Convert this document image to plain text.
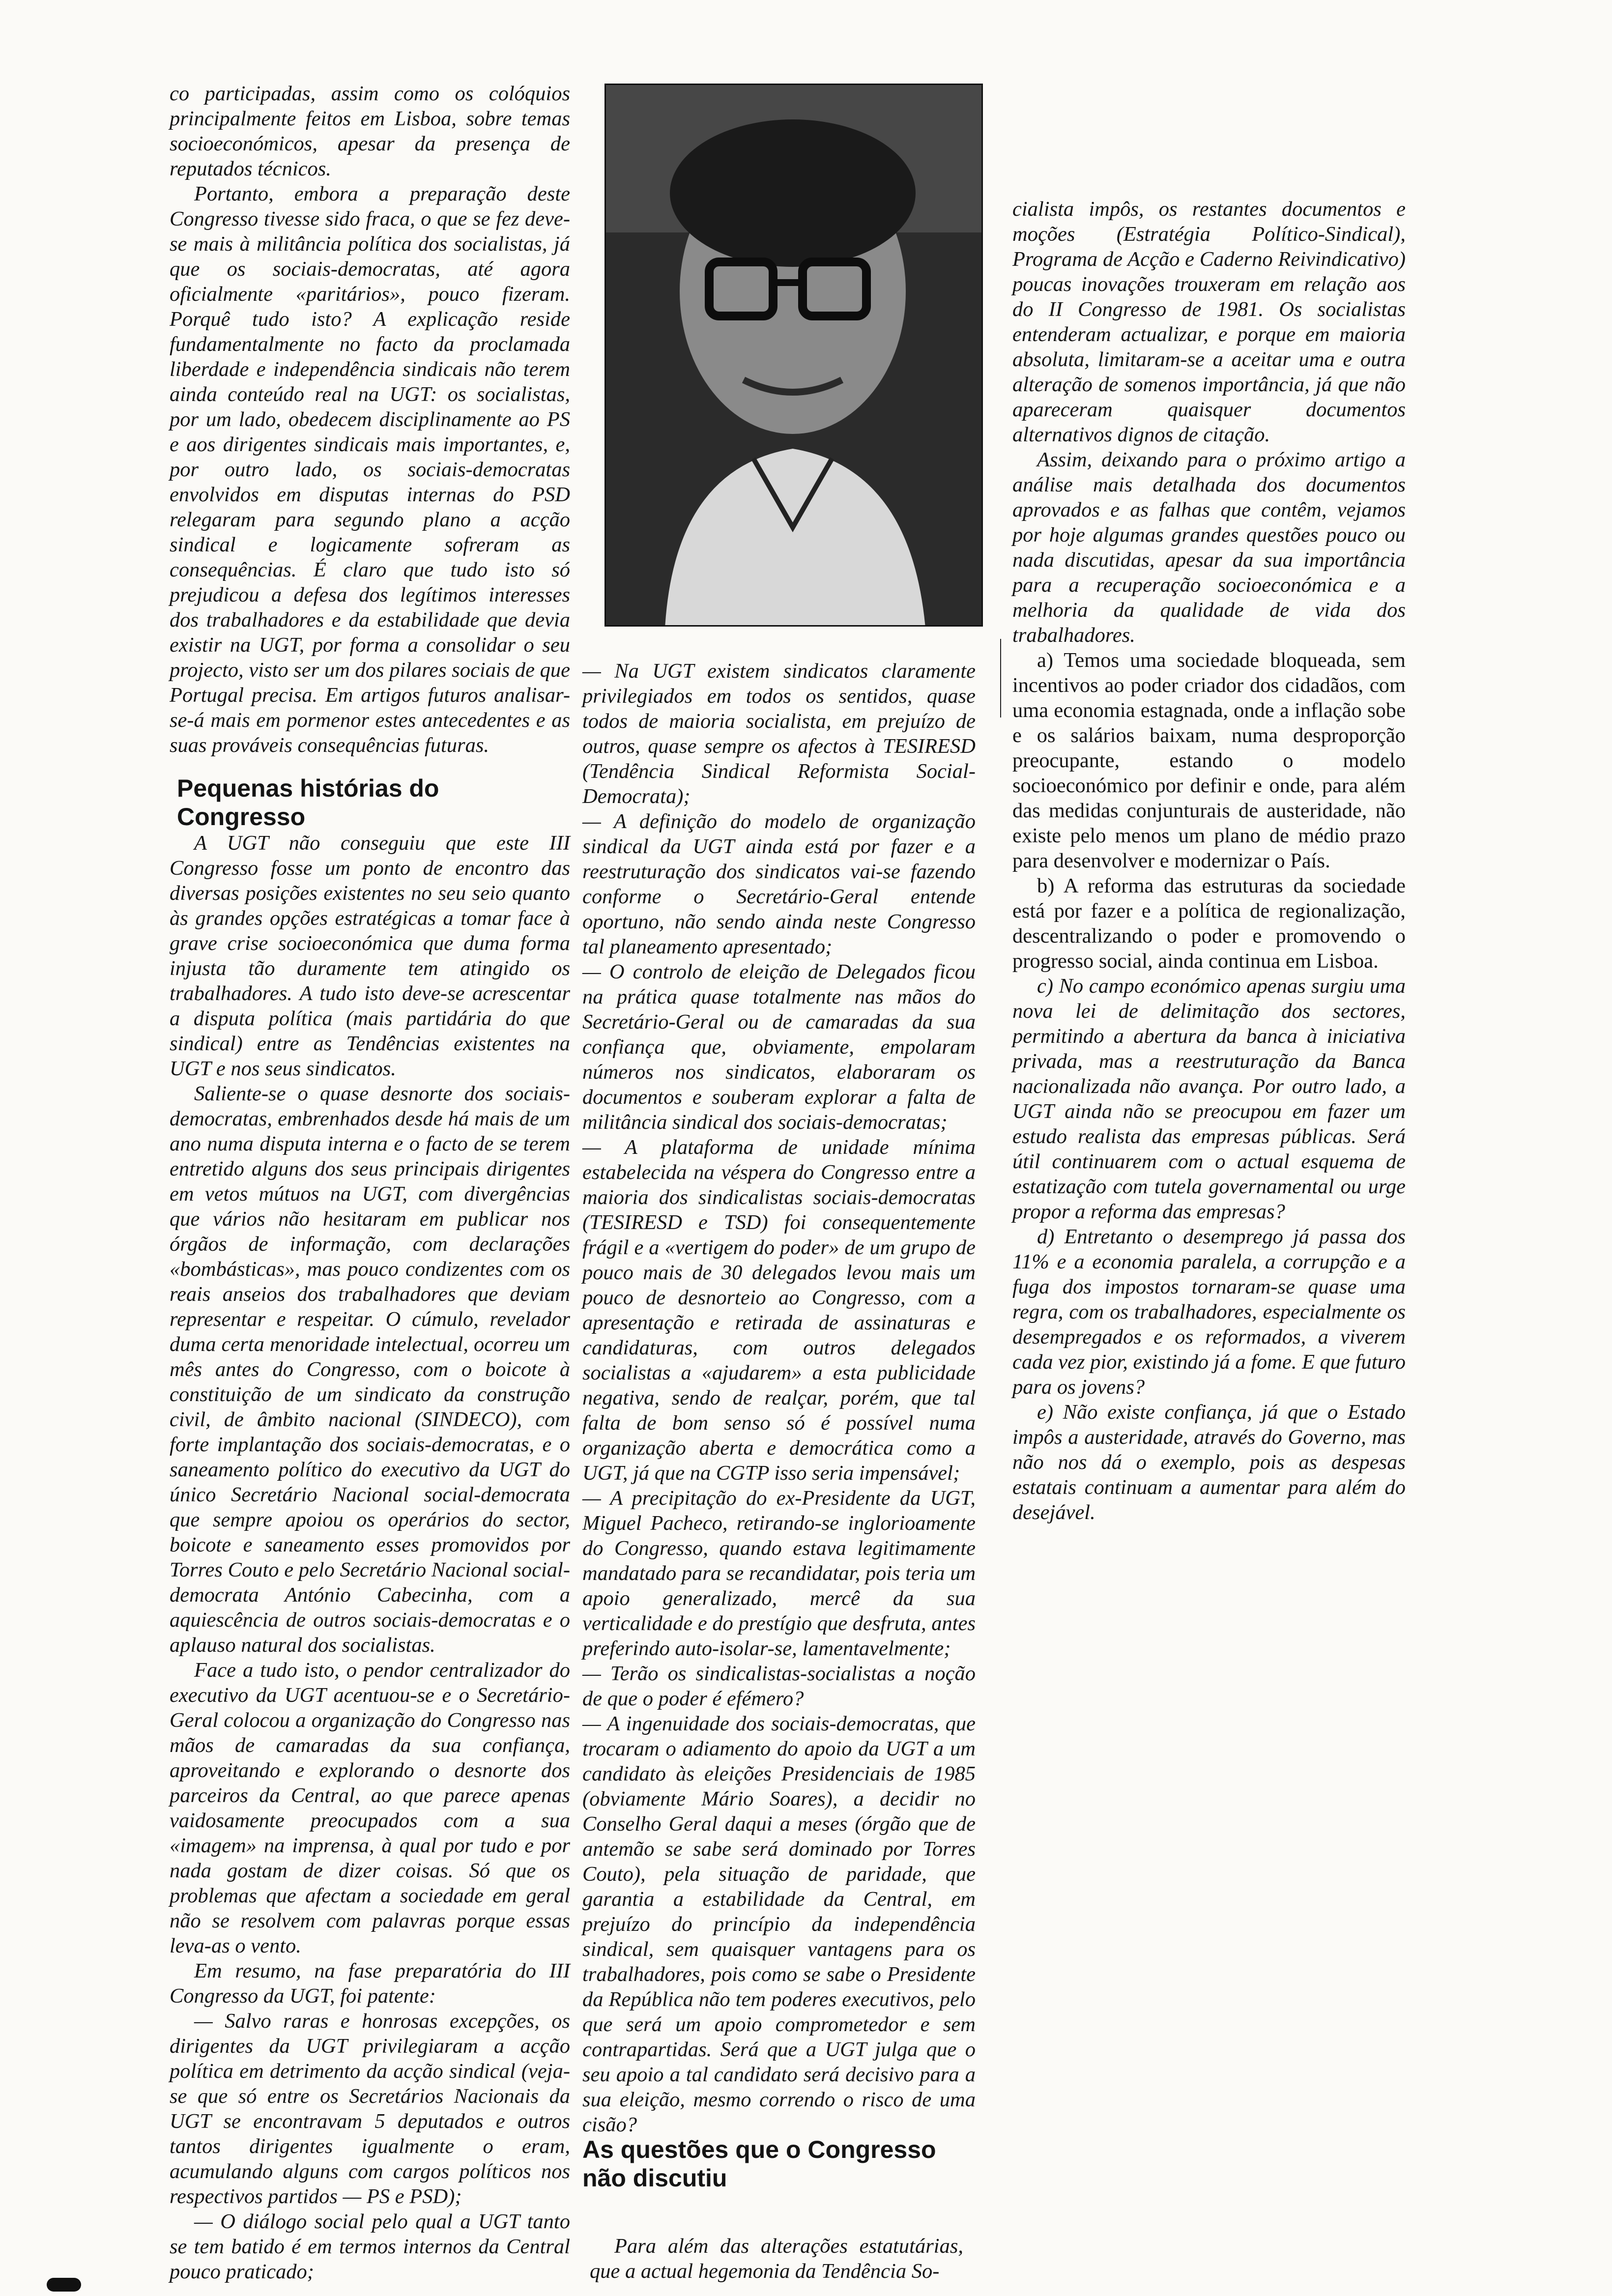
co participadas, assim como os colóquios principalmente feitos em Lisboa, sobre temas socioeconómicos, apesar da presença de reputados técnicos.

Portanto, embora a preparação deste Congresso tivesse sido fraca, o que se fez deve-se mais à militância política dos socialistas, já que os sociais-democratas, até agora oficialmente «paritários», pouco fizeram. Porquê tudo isto? A explicação reside fundamentalmente no facto da proclamada liberdade e independência sindicais não terem ainda conteúdo real na UGT: os socialistas, por um lado, obedecem disciplinamente ao PS e aos dirigentes sindicais mais importantes, e, por outro lado, os sociais-democratas envolvidos em disputas internas do PSD relegaram para segundo plano a acção sindical e logicamente sofreram as consequências. É claro que tudo isto só prejudicou a defesa dos legítimos interesses dos trabalhadores e da estabilidade que devia existir na UGT, por forma a consolidar o seu projecto, visto ser um dos pilares sociais de que Portugal precisa. Em artigos futuros analisar-se-á mais em pormenor estes antecedentes e as suas prováveis consequências futuras.

Pequenas histórias do Congresso

A UGT não conseguiu que este III Congresso fosse um ponto de encontro das diversas posições existentes no seu seio quanto às grandes opções estratégicas a tomar face à grave crise socioeconómica que duma forma injusta tão duramente tem atingido os trabalhadores. A tudo isto deve-se acrescentar a disputa política (mais partidária do que sindical) entre as Tendências existentes na UGT e nos seus sindicatos.

Saliente-se o quase desnorte dos sociais-democratas, embrenhados desde há mais de um ano numa disputa interna e o facto de se terem entretido alguns dos seus principais dirigentes em vetos mútuos na UGT, com divergências que vários não hesitaram em publicar nos órgãos de informação, com declarações «bombásticas», mas pouco condizentes com os reais anseios dos trabalhadores que deviam representar e respeitar. O cúmulo, revelador duma certa menoridade intelectual, ocorreu um mês antes do Congresso, com o boicote à constituição de um sindicato da construção civil, de âmbito nacional (SINDECO), com forte implantação dos sociais-democratas, e o saneamento político do executivo da UGT do único Secretário Nacional social-democrata que sempre apoiou os operários do sector, boicote e saneamento esses promovidos por Torres Couto e pelo Secretário Nacional social-democrata António Cabecinha, com a aquiescência de outros sociais-democratas e o aplauso natural dos socialistas.

Face a tudo isto, o pendor centralizador do executivo da UGT acentuou-se e o Secretário-Geral colocou a organização do Congresso nas mãos de camaradas da sua confiança, aproveitando e explorando o desnorte dos parceiros da Central, ao que parece apenas vaidosamente preocupados com a sua «imagem» na imprensa, à qual por tudo e por nada gostam de dizer coisas. Só que os problemas que afectam a sociedade em geral não se resolvem com palavras porque essas leva-as o vento.

Em resumo, na fase preparatória do III Congresso da UGT, foi patente:

— Salvo raras e honrosas excepções, os dirigentes da UGT privilegiaram a acção política em detrimento da acção sindical (veja-se que só entre os Secretários Nacionais da UGT se encontravam 5 deputados e outros tantos dirigentes igualmente o eram, acumulando alguns com cargos políticos nos respectivos partidos — PS e PSD);

— O diálogo social pelo qual a UGT tanto se tem batido é em termos internos da Central pouco praticado;

— Na UGT existem sindicatos claramente privilegiados em todos os sentidos, quase todos de maioria socialista, em prejuízo de outros, quase sempre os afectos à TESIRESD (Tendência Sindical Reformista Social-Democrata);

— A definição do modelo de organização sindical da UGT ainda está por fazer e a reestruturação dos sindicatos vai-se fazendo conforme o Secretário-Geral entende oportuno, não sendo ainda neste Congresso tal planeamento apresentado;

— O controlo de eleição de Delegados ficou na prática quase totalmente nas mãos do Secretário-Geral ou de camaradas da sua confiança que, obviamente, empolaram números nos sindicatos, elaboraram os documentos e souberam explorar a falta de militância sindical dos sociais-democratas;

— A plataforma de unidade mínima estabelecida na véspera do Congresso entre a maioria dos sindicalistas sociais-democratas (TESIRESD e TSD) foi consequentemente frágil e a «vertigem do poder» de um grupo de pouco mais de 30 delegados levou mais um pouco de desnorteio ao Congresso, com a apresentação e retirada de assinaturas e candidaturas, com outros delegados socialistas a «ajudarem» a esta publicidade negativa, sendo de realçar, porém, que tal falta de bom senso só é possível numa organização aberta e democrática como a UGT, já que na CGTP isso seria impensável;

— A precipitação do ex-Presidente da UGT, Miguel Pacheco, retirando-se inglorioamente do Congresso, quando estava legitimamente mandatado para se recandidatar, pois teria um apoio generalizado, mercê da sua verticalidade e do prestígio que desfruta, antes preferindo auto-isolar-se, lamentavelmente;

— Terão os sindicalistas-socialistas a noção de que o poder é efémero?

— A ingenuidade dos sociais-democratas, que trocaram o adiamento do apoio da UGT a um candidato às eleições Presidenciais de 1985 (obviamente Mário Soares), a decidir no Conselho Geral daqui a meses (órgão que de antemão se sabe será dominado por Torres Couto), pela situação de paridade, que garantia a estabilidade da Central, em prejuízo do princípio da independência sindical, sem quaisquer vantagens para os trabalhadores, pois como se sabe o Presidente da República não tem poderes executivos, pelo que será um apoio comprometedor e sem contrapartidas. Será que a UGT julga que o seu apoio a tal candidato será decisivo para a sua eleição, mesmo correndo o risco de uma cisão?

As questões que o Congresso não discutiu

Para além das alterações estatutárias, que a actual hegemonia da Tendência So-

cialista impôs, os restantes documentos e moções (Estratégia Político-Sindical), Programa de Acção e Caderno Reivindicativo) poucas inovações trouxeram em relação aos do II Congresso de 1981. Os socialistas entenderam actualizar, e porque em maioria absoluta, limitaram-se a aceitar uma e outra alteração de somenos importância, já que não apareceram quaisquer documentos alternativos dignos de citação.

Assim, deixando para o próximo artigo a análise mais detalhada dos documentos aprovados e as falhas que contêm, vejamos por hoje algumas grandes questões pouco ou nada discutidas, apesar da sua importância para a recuperação socioeconómica e a melhoria da qualidade de vida dos trabalhadores.

a) Temos uma sociedade bloqueada, sem incentivos ao poder criador dos cidadãos, com uma economia estagnada, onde a inflação sobe e os salários baixam, numa desproporção preocupante, estando o modelo socioeconómico por definir e onde, para além das medidas conjunturais de austeridade, não existe pelo menos um plano de médio prazo para desenvolver e modernizar o País.

b) A reforma das estruturas da sociedade está por fazer e a política de regionalização, descentralizando o poder e promovendo o progresso social, ainda continua em Lisboa.

c) No campo económico apenas surgiu uma nova lei de delimitação dos sectores, permitindo a abertura da banca à iniciativa privada, mas a reestruturação da Banca nacionalizada não avança. Por outro lado, a UGT ainda não se preocupou em fazer um estudo realista das empresas públicas. Será útil continuarem com o actual esquema de estatização com tutela governamental ou urge propor a reforma das empresas?

d) Entretanto o desemprego já passa dos 11% e a economia paralela, a corrupção e a fuga dos impostos tornaram-se quase uma regra, com os trabalhadores, especialmente os desempregados e os reformados, a viverem cada vez pior, existindo já a fome. E que futuro para os jovens?

e) Não existe confiança, já que o Estado impôs a austeridade, através do Governo, mas não nos dá o exemplo, pois as despesas estatais continuam a aumentar para além do desejável.
